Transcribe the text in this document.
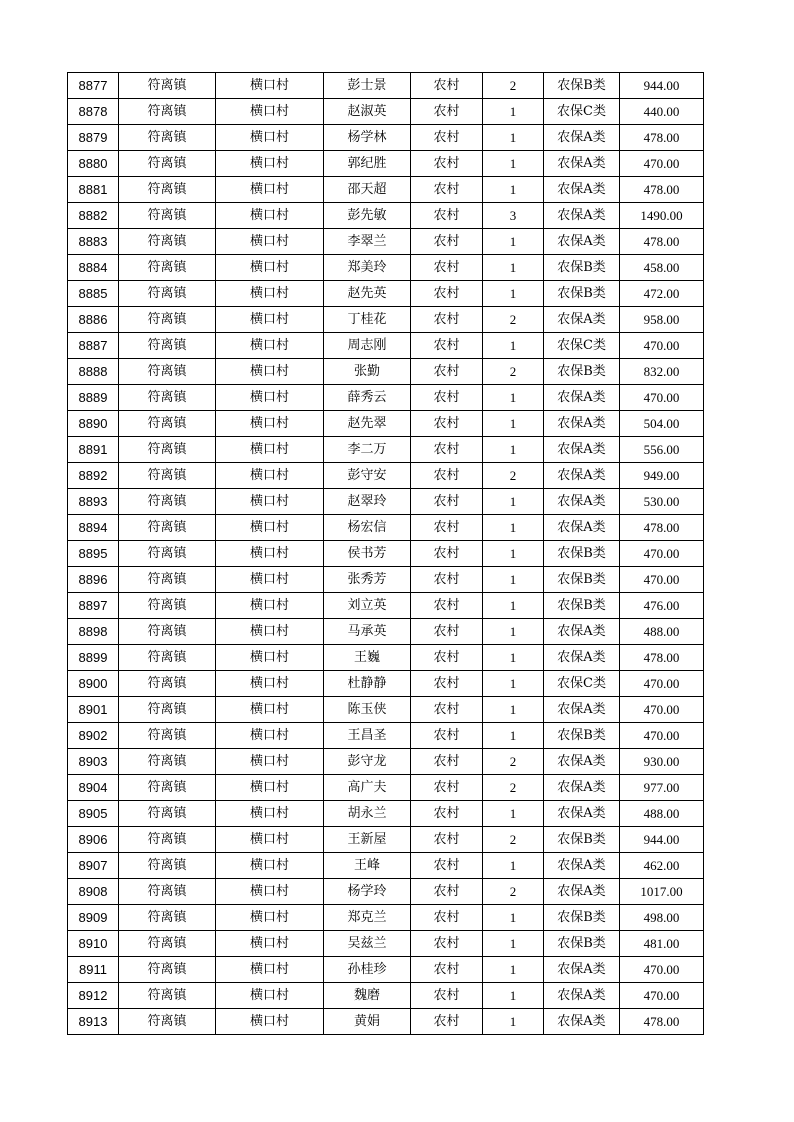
8877	符离镇	横口村	彭士景	农村	2	农保B类	944.00
8878	符离镇	横口村	赵淑英	农村	1	农保C类	440.00
8879	符离镇	横口村	杨学林	农村	1	农保A类	478.00
8880	符离镇	横口村	郭纪胜	农村	1	农保A类	470.00
8881	符离镇	横口村	邵天超	农村	1	农保A类	478.00
8882	符离镇	横口村	彭先敏	农村	3	农保A类	1490.00
8883	符离镇	横口村	李翠兰	农村	1	农保A类	478.00
8884	符离镇	横口村	郑美玲	农村	1	农保B类	458.00
8885	符离镇	横口村	赵先英	农村	1	农保B类	472.00
8886	符离镇	横口村	丁桂花	农村	2	农保A类	958.00
8887	符离镇	横口村	周志刚	农村	1	农保C类	470.00
8888	符离镇	横口村	张勤	农村	2	农保B类	832.00
8889	符离镇	横口村	薛秀云	农村	1	农保A类	470.00
8890	符离镇	横口村	赵先翠	农村	1	农保A类	504.00
8891	符离镇	横口村	李二万	农村	1	农保A类	556.00
8892	符离镇	横口村	彭守安	农村	2	农保A类	949.00
8893	符离镇	横口村	赵翠玲	农村	1	农保A类	530.00
8894	符离镇	横口村	杨宏信	农村	1	农保A类	478.00
8895	符离镇	横口村	侯书芳	农村	1	农保B类	470.00
8896	符离镇	横口村	张秀芳	农村	1	农保B类	470.00
8897	符离镇	横口村	刘立英	农村	1	农保B类	476.00
8898	符离镇	横口村	马承英	农村	1	农保A类	488.00
8899	符离镇	横口村	王巍	农村	1	农保A类	478.00
8900	符离镇	横口村	杜静静	农村	1	农保C类	470.00
8901	符离镇	横口村	陈玉侠	农村	1	农保A类	470.00
8902	符离镇	横口村	王昌圣	农村	1	农保B类	470.00
8903	符离镇	横口村	彭守龙	农村	2	农保A类	930.00
8904	符离镇	横口村	高广夫	农村	2	农保A类	977.00
8905	符离镇	横口村	胡永兰	农村	1	农保A类	488.00
8906	符离镇	横口村	王新屋	农村	2	农保B类	944.00
8907	符离镇	横口村	王峰	农村	1	农保A类	462.00
8908	符离镇	横口村	杨学玲	农村	2	农保A类	1017.00
8909	符离镇	横口村	郑克兰	农村	1	农保B类	498.00
8910	符离镇	横口村	吴兹兰	农村	1	农保B类	481.00
8911	符离镇	横口村	孙桂珍	农村	1	农保A类	470.00
8912	符离镇	横口村	魏磨	农村	1	农保A类	470.00
8913	符离镇	横口村	黄娟	农村	1	农保A类	478.00
